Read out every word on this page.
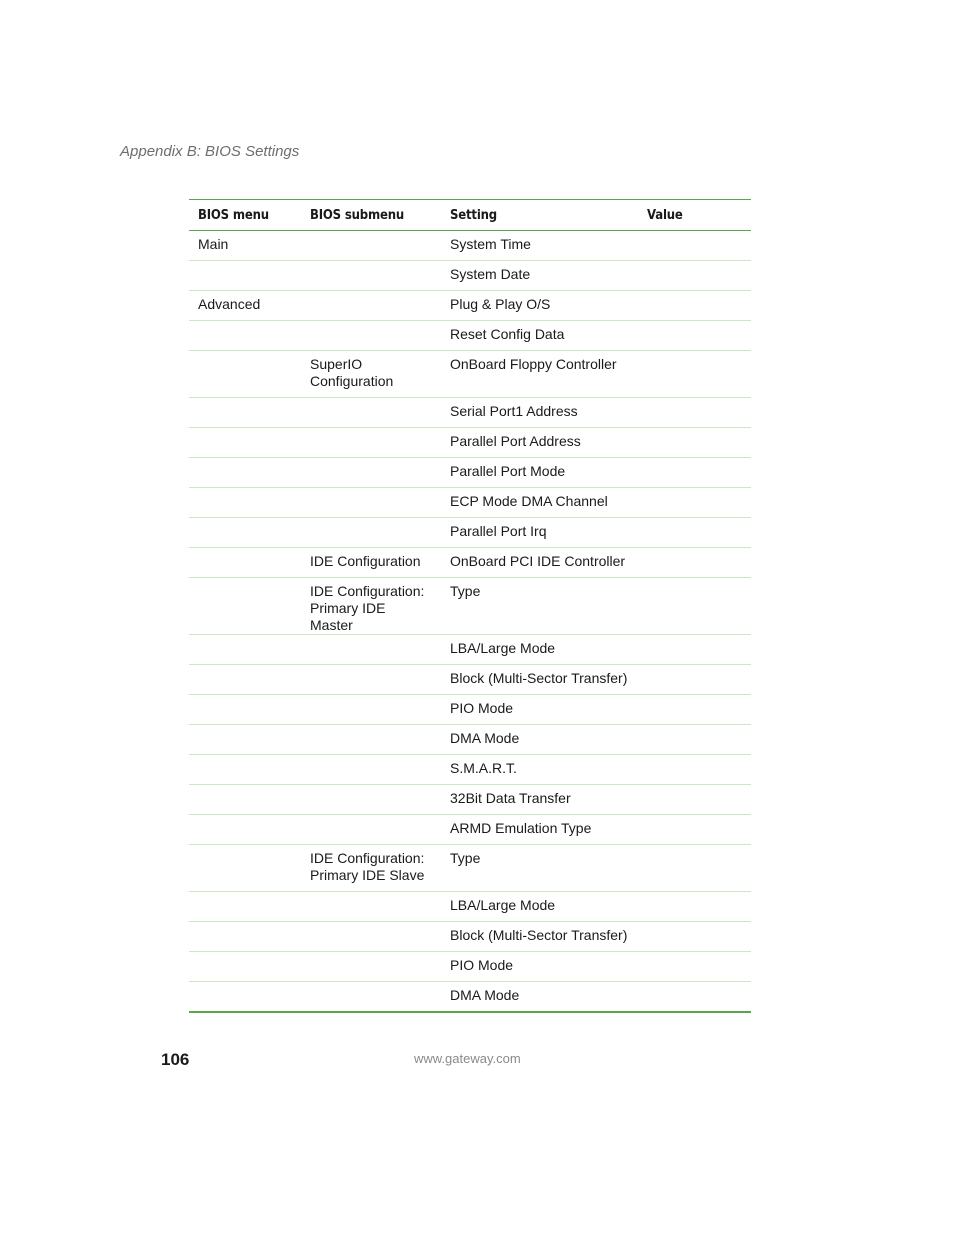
Appendix B: BIOS Settings
BIOS menu	BIOS submenu	Setting	Value
Main		System Time	
		System Date	
Advanced		Plug & Play O/S	
		Reset Config Data	
	SuperIO Configuration	OnBoard Floppy Controller	
		Serial Port1 Address	
		Parallel Port Address	
		Parallel Port Mode	
		ECP Mode DMA Channel	
		Parallel Port Irq	
	IDE Configuration	OnBoard PCI IDE Controller	
	IDE Configuration: Primary IDE Master	Type	
		LBA/Large Mode	
		Block (Multi-Sector Transfer)	
		PIO Mode	
		DMA Mode	
		S.M.A.R.T.	
		32Bit Data Transfer	
		ARMD Emulation Type	
	IDE Configuration: Primary IDE Slave	Type	
		LBA/Large Mode	
		Block (Multi-Sector Transfer)	
		PIO Mode	
		DMA Mode	
106	www.gateway.com
